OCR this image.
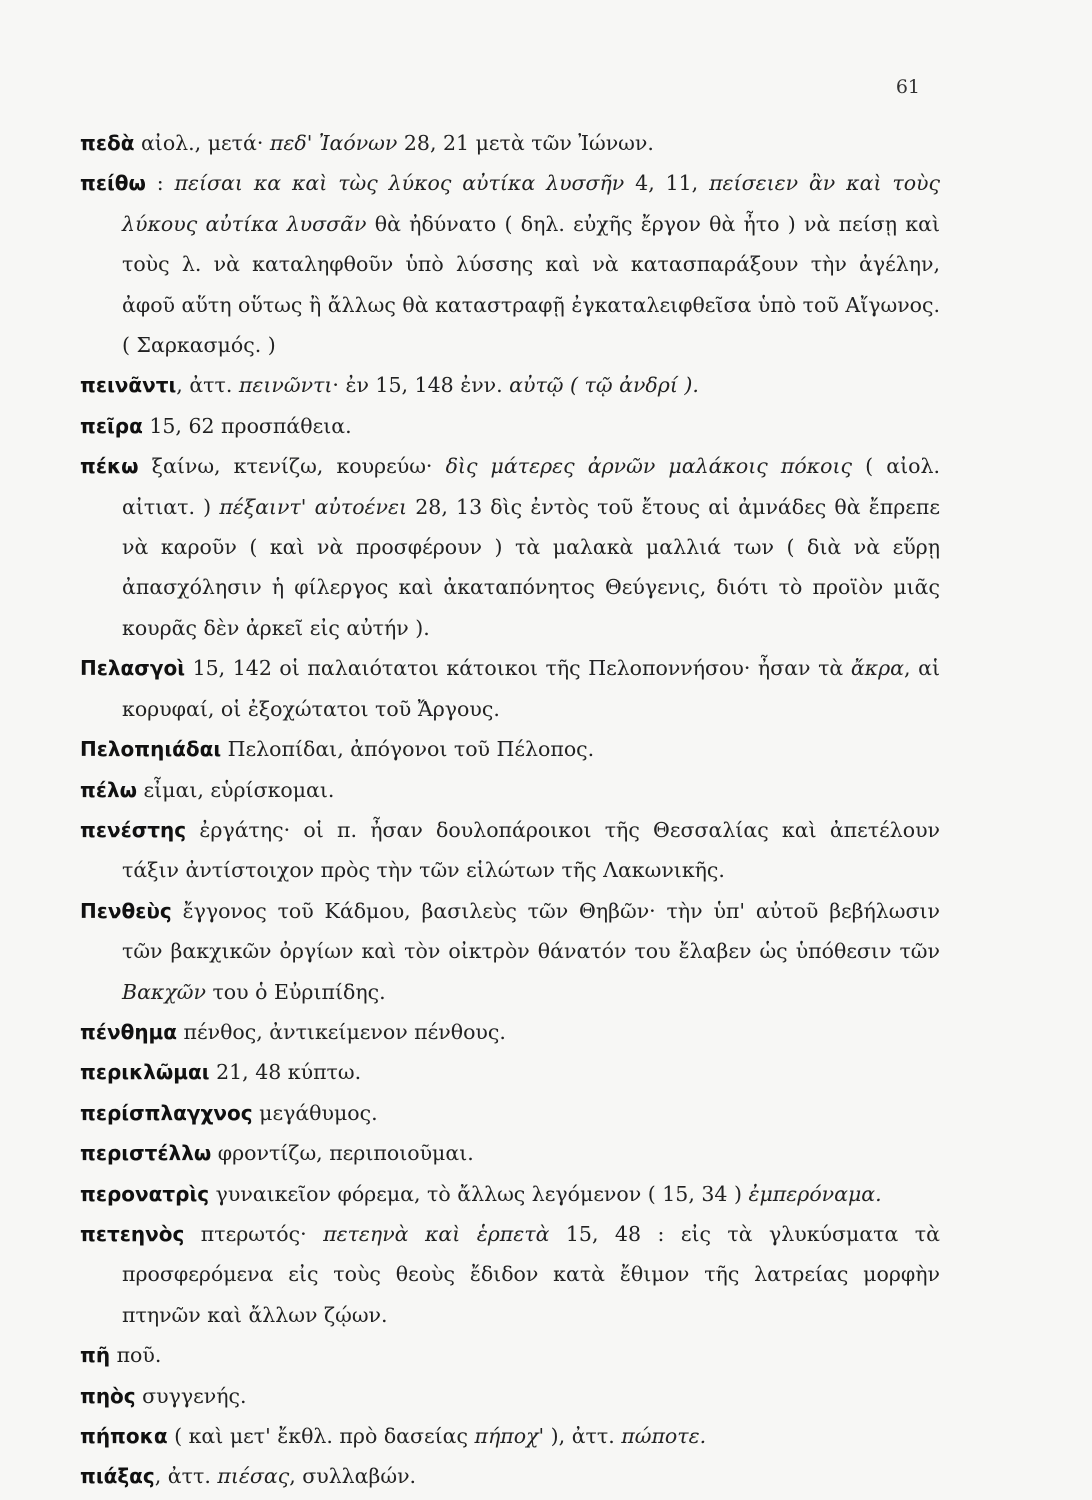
61
πεδὰ αἰολ., μετά· πεδ' Ἰαόνων 28, 21 μετὰ τῶν Ἰώνων.
πείθω : πείσαι κα καὶ τὼς λύκος αὐτίκα λυσσῆν 4, 11, πείσειεν ἂν καὶ τοὺς λύκους αὐτίκα λυσσᾶν θὰ ἠδύνατο ( δηλ. εὐχῆς ἔργον θὰ ἦτο ) νὰ πείσῃ καὶ τοὺς λ. νὰ καταληφθοῦν ὑπὸ λύσσης καὶ νὰ κατασπαράξουν τὴν ἀγέλην, ἀφοῦ αὕτη οὕτως ἢ ἄλλως θὰ καταστραφῇ ἐγκαταλειφθεῖσα ὑπὸ τοῦ Αἴγωνος. ( Σαρκασμός. )
πεινᾶντι, ἀττ. πεινῶντι· ἐν 15, 148 ἐνν. αὐτῷ ( τῷ ἀνδρί ).
πεῖρα 15, 62 προσπάθεια.
πέκω ξαίνω, κτενίζω, κουρεύω· δὶς μάτερες ἀρνῶν μαλάκοις πόκοις ( αἰολ. αἰτιατ. ) πέξαιντ' αὐτοένει 28, 13 δὶς ἐντὸς τοῦ ἔτους αἱ ἀμνάδες θὰ ἔπρεπε νὰ καροῦν ( καὶ νὰ προσφέρουν ) τὰ μαλακὰ μαλλιά των ( διὰ νὰ εὕρῃ ἀπασχόλησιν ἡ φίλεργος καὶ ἀκαταπόνητος Θεύγενις, διότι τὸ προϊὸν μιᾶς κουρᾶς δὲν ἀρκεῖ εἰς αὐτήν ).
Πελασγοὶ 15, 142 οἱ παλαιότατοι κάτοικοι τῆς Πελοποννήσου· ἦσαν τὰ ἄκρα, αἱ κορυφαί, οἱ ἐξοχώτατοι τοῦ Ἄργους.
Πελοπηιάδαι Πελοπίδαι, ἀπόγονοι τοῦ Πέλοπος.
πέλω εἶμαι, εὑρίσκομαι.
πενέστης ἐργάτης· οἱ π. ἦσαν δουλοπάροικοι τῆς Θεσσαλίας καὶ ἀπετέλουν τάξιν ἀντίστοιχον πρὸς τὴν τῶν εἱλώτων τῆς Λακωνικῆς.
Πενθεὺς ἔγγονος τοῦ Κάδμου, βασιλεὺς τῶν Θηβῶν· τὴν ὑπ' αὐτοῦ βεβήλωσιν τῶν βακχικῶν ὀργίων καὶ τὸν οἰκτρὸν θάνατόν του ἔλαβεν ὡς ὑπόθεσιν τῶν Βακχῶν του ὁ Εὐριπίδης.
πένθημα πένθος, ἀντικείμενον πένθους.
περικλῶμαι 21, 48 κύπτω.
περίσπλαγχνος μεγάθυμος.
περιστέλλω φροντίζω, περιποιοῦμαι.
περονατρὶς γυναικεῖον φόρεμα, τὸ ἄλλως λεγόμενον ( 15, 34 ) ἐμπερόναμα.
πετεηνὸς πτερωτός· πετεηνὰ καὶ ἑρπετὰ 15, 48 : εἰς τὰ γλυκύσματα τὰ προσφερόμενα εἰς τοὺς θεοὺς ἔδιδον κατὰ ἔθιμον τῆς λατρείας μορφὴν πτηνῶν καὶ ἄλλων ζῴων.
πῆ ποῦ.
πηὸς συγγενής.
πήποκα ( καὶ μετ' ἔκθλ. πρὸ δασείας πήποχ' ), ἀττ. πώποτε.
πιάξας, ἀττ. πιέσας, συλλαβών.
